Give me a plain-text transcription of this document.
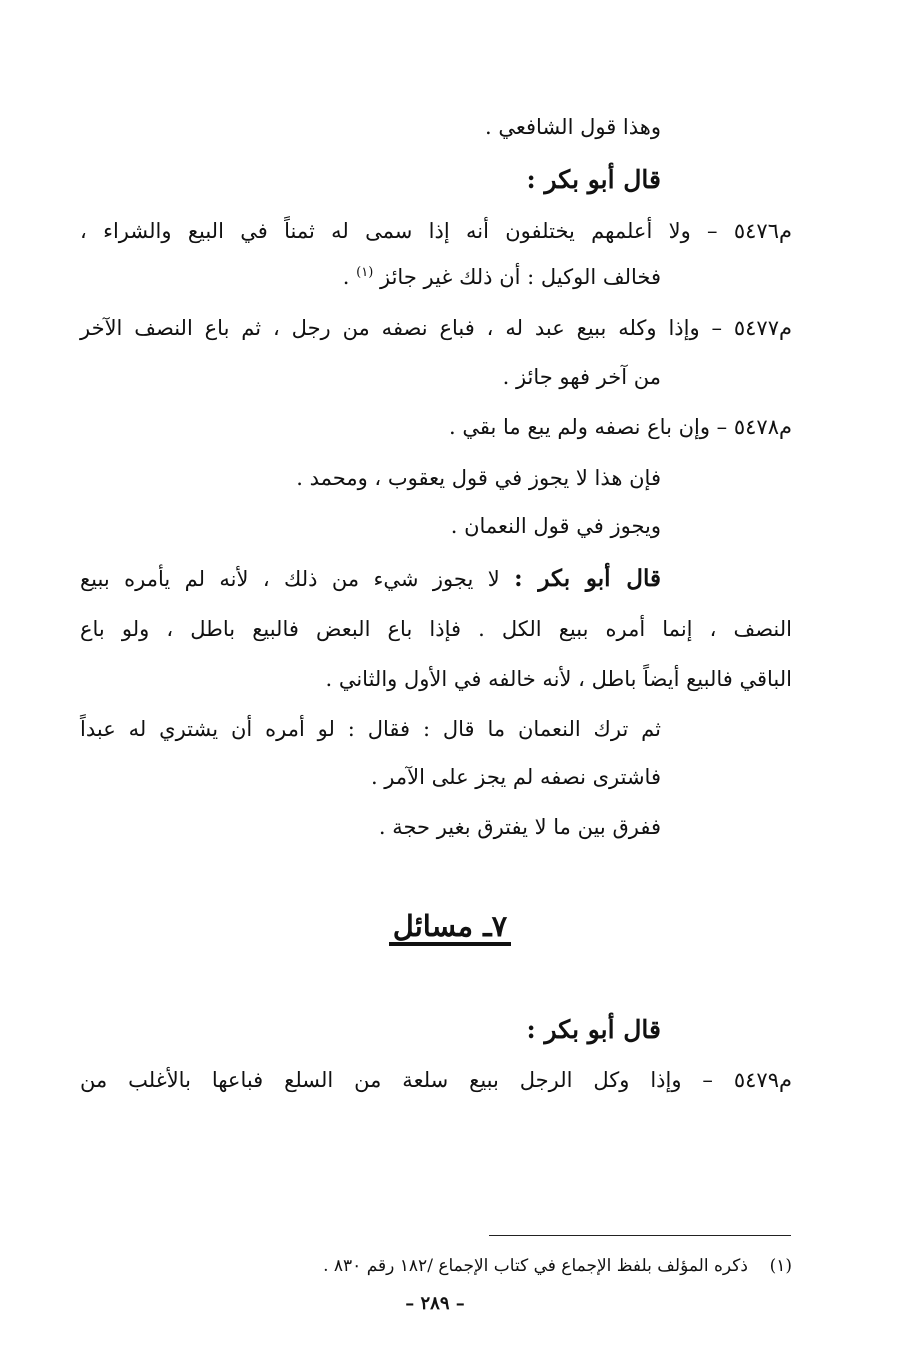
وهذا قول الشافعي .
قال أبو بكر :
م٥٤٧٦ – ولا أعلمهم يختلفون أنه إذا سمى له ثمناً في البيع والشراء ،
فخالف الوكيل : أن ذلك غير جائز $^{(١)}$ .
م٥٤٧٧ – وإذا وكله ببيع عبد له ، فباع نصفه من رجل ، ثم باع النصف الآخر
من آخر فهو جائز .
م٥٤٧٨ – وإن باع نصفه ولم يبع ما بقي .
فإن هذا لا يجوز في قول يعقوب ، ومحمد .
ويجوز في قول النعمان .
قال أبو بكر : لا يجوز شيء من ذلك ، لأنه لم يأمره ببيع
النصف ، إنما أمره ببيع الكل . فإذا باع البعض فالبيع باطل ، ولو باع
الباقي فالبيع أيضاً باطل ، لأنه خالفه في الأول والثاني .
ثم ترك النعمان ما قال : فقال : لو أمره أن يشتري له عبداً
فاشترى نصفه لم يجز على الآمر .
ففرق بين ما لا يفترق بغير حجة .
٧ـ مسائل
قال أبو بكر :
م٥٤٧٩ – وإذا وكل الرجل ببيع سلعة من السلع فباعها بالأغلب من
(١)    ذكره المؤلف بلفظ الإجماع في كتاب الإجماع /١٨٢ رقم ٨٣٠ .
– ٢٨٩ –
